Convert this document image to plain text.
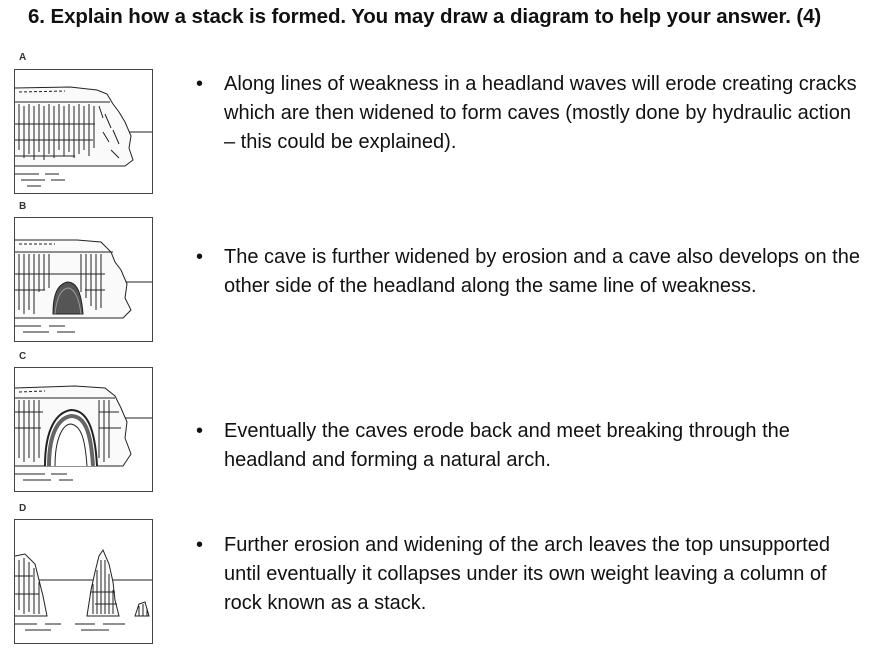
6. Explain how a stack is formed. You may draw a diagram to help your answer. (4)
A
• Along lines of weakness in a headland waves will erode creating cracks which are then widened to form caves (mostly done by hydraulic action – this could be explained).
B
• The cave is further widened by erosion and a cave also develops on the other side of the headland along the same line of weakness.
C
• Eventually the caves erode back and meet breaking through the headland and forming a natural arch.
D
• Further erosion and widening of the arch leaves the top unsupported until eventually it collapses under its own weight leaving a column of rock known as a stack.
